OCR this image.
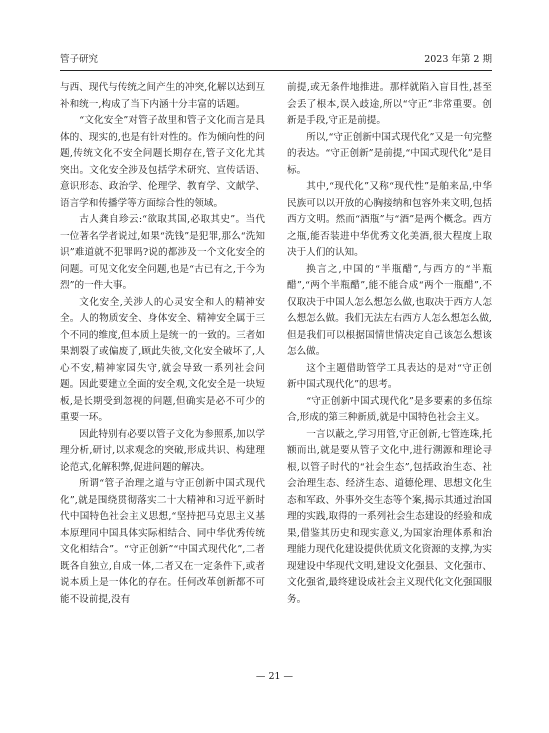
管子研究	2023 年第 2 期

与西、现代与传统之间产生的冲突,化解以达到互补和统一,构成了当下内涵十分丰富的话题。

“文化安全”对管子故里和管子文化而言是具体的、现实的,也是有针对性的。作为倾向性的问题,传统文化不安全问题长期存在,管子文化尤其突出。文化安全涉及包括学术研究、宣传话语、意识形态、政治学、伦理学、教育学、文献学、语言学和传播学等方面综合性的领域。

古人龚自珍云:“欲取其国,必取其史”。当代一位著名学者说过,如果“洗钱”是犯罪,那么“洗知识”难道就不犯罪吗?说的都涉及一个文化安全的问题。可见文化安全问题,也是“古已有之,于今为烈”的一件大事。

文化安全,关涉人的心灵安全和人的精神安全。人的物质安全、身体安全、精神安全属于三个不同的维度,但本质上是统一的一致的。三者如果割裂了或偏废了,顾此失彼,文化安全破坏了,人心不安,精神家园失守,就会导致一系列社会问题。因此要建立全面的安全观,文化安全是一块短板,是长期受到忽视的问题,但确实是必不可少的重要一环。

因此特别有必要以管子文化为参照系,加以学理分析,研讨,以求观念的突破,形成共识、构建理论范式,化解积弊,促进问题的解决。

所谓“管子治理之道与守正创新中国式现代化”,就是围绕贯彻落实二十大精神和习近平新时代中国特色社会主义思想,“坚持把马克思主义基本原理同中国具体实际相结合、同中华优秀传统文化相结合”。“守正创新”“中国式现代化”,二者既各自独立,自成一体,二者又在一定条件下,或者说本质上是一体化的存在。任何改革创新都不可能不设前提,没有

前提,或无条件地推进。那样就陷入盲目性,甚至会丢了根本,误入歧途,所以“守正”非常重要。创新是手段,守正是前提。

所以,“守正创新中国式现代化”又是一句完整的表达。“守正创新”是前提,“中国式现代化”是目标。

其中,“现代化”又称“现代性”是舶来品,中华民族可以以开放的心胸接纳和包容外来文明,包括西方文明。然而“酒瓶”与“酒”是两个概念。西方之瓶,能否装进中华优秀文化美酒,很大程度上取决于人们的认知。

换言之,中国的“半瓶醋”,与西方的“半瓶醋”,“两个半瓶醋”,能不能合成“两个一瓶醋”,不仅取决于中国人怎么想怎么做,也取决于西方人怎么想怎么做。我们无法左右西方人怎么想怎么做,但是我们可以根据国情世情决定自己该怎么想该怎么做。

这个主题借助管学工具表达的是对“守正创新中国式现代化”的思考。

“守正创新中国式现代化”是多要素的多伍综合,形成的第三种新质,就是中国特色社会主义。

一言以蔽之,学习用管,守正创新,七管连珠,托额而出,就是要从管子文化中,进行溯源和理论寻根,以管子时代的“社会生态”,包括政治生态、社会治理生态、经济生态、道德伦理、思想文化生态和军政、外事外交生态等个案,揭示其通过治国理的实践,取得的一系列社会生态建设的经验和成果,借鉴其历史和现实意义,为国家治理体系和治理能力现代化建设提供优质文化资源的支撑,为实现建设中华现代文明,建设文化强县、文化强市、文化强省,最终建设成社会主义现代化文化强国服务。

— 21 —
